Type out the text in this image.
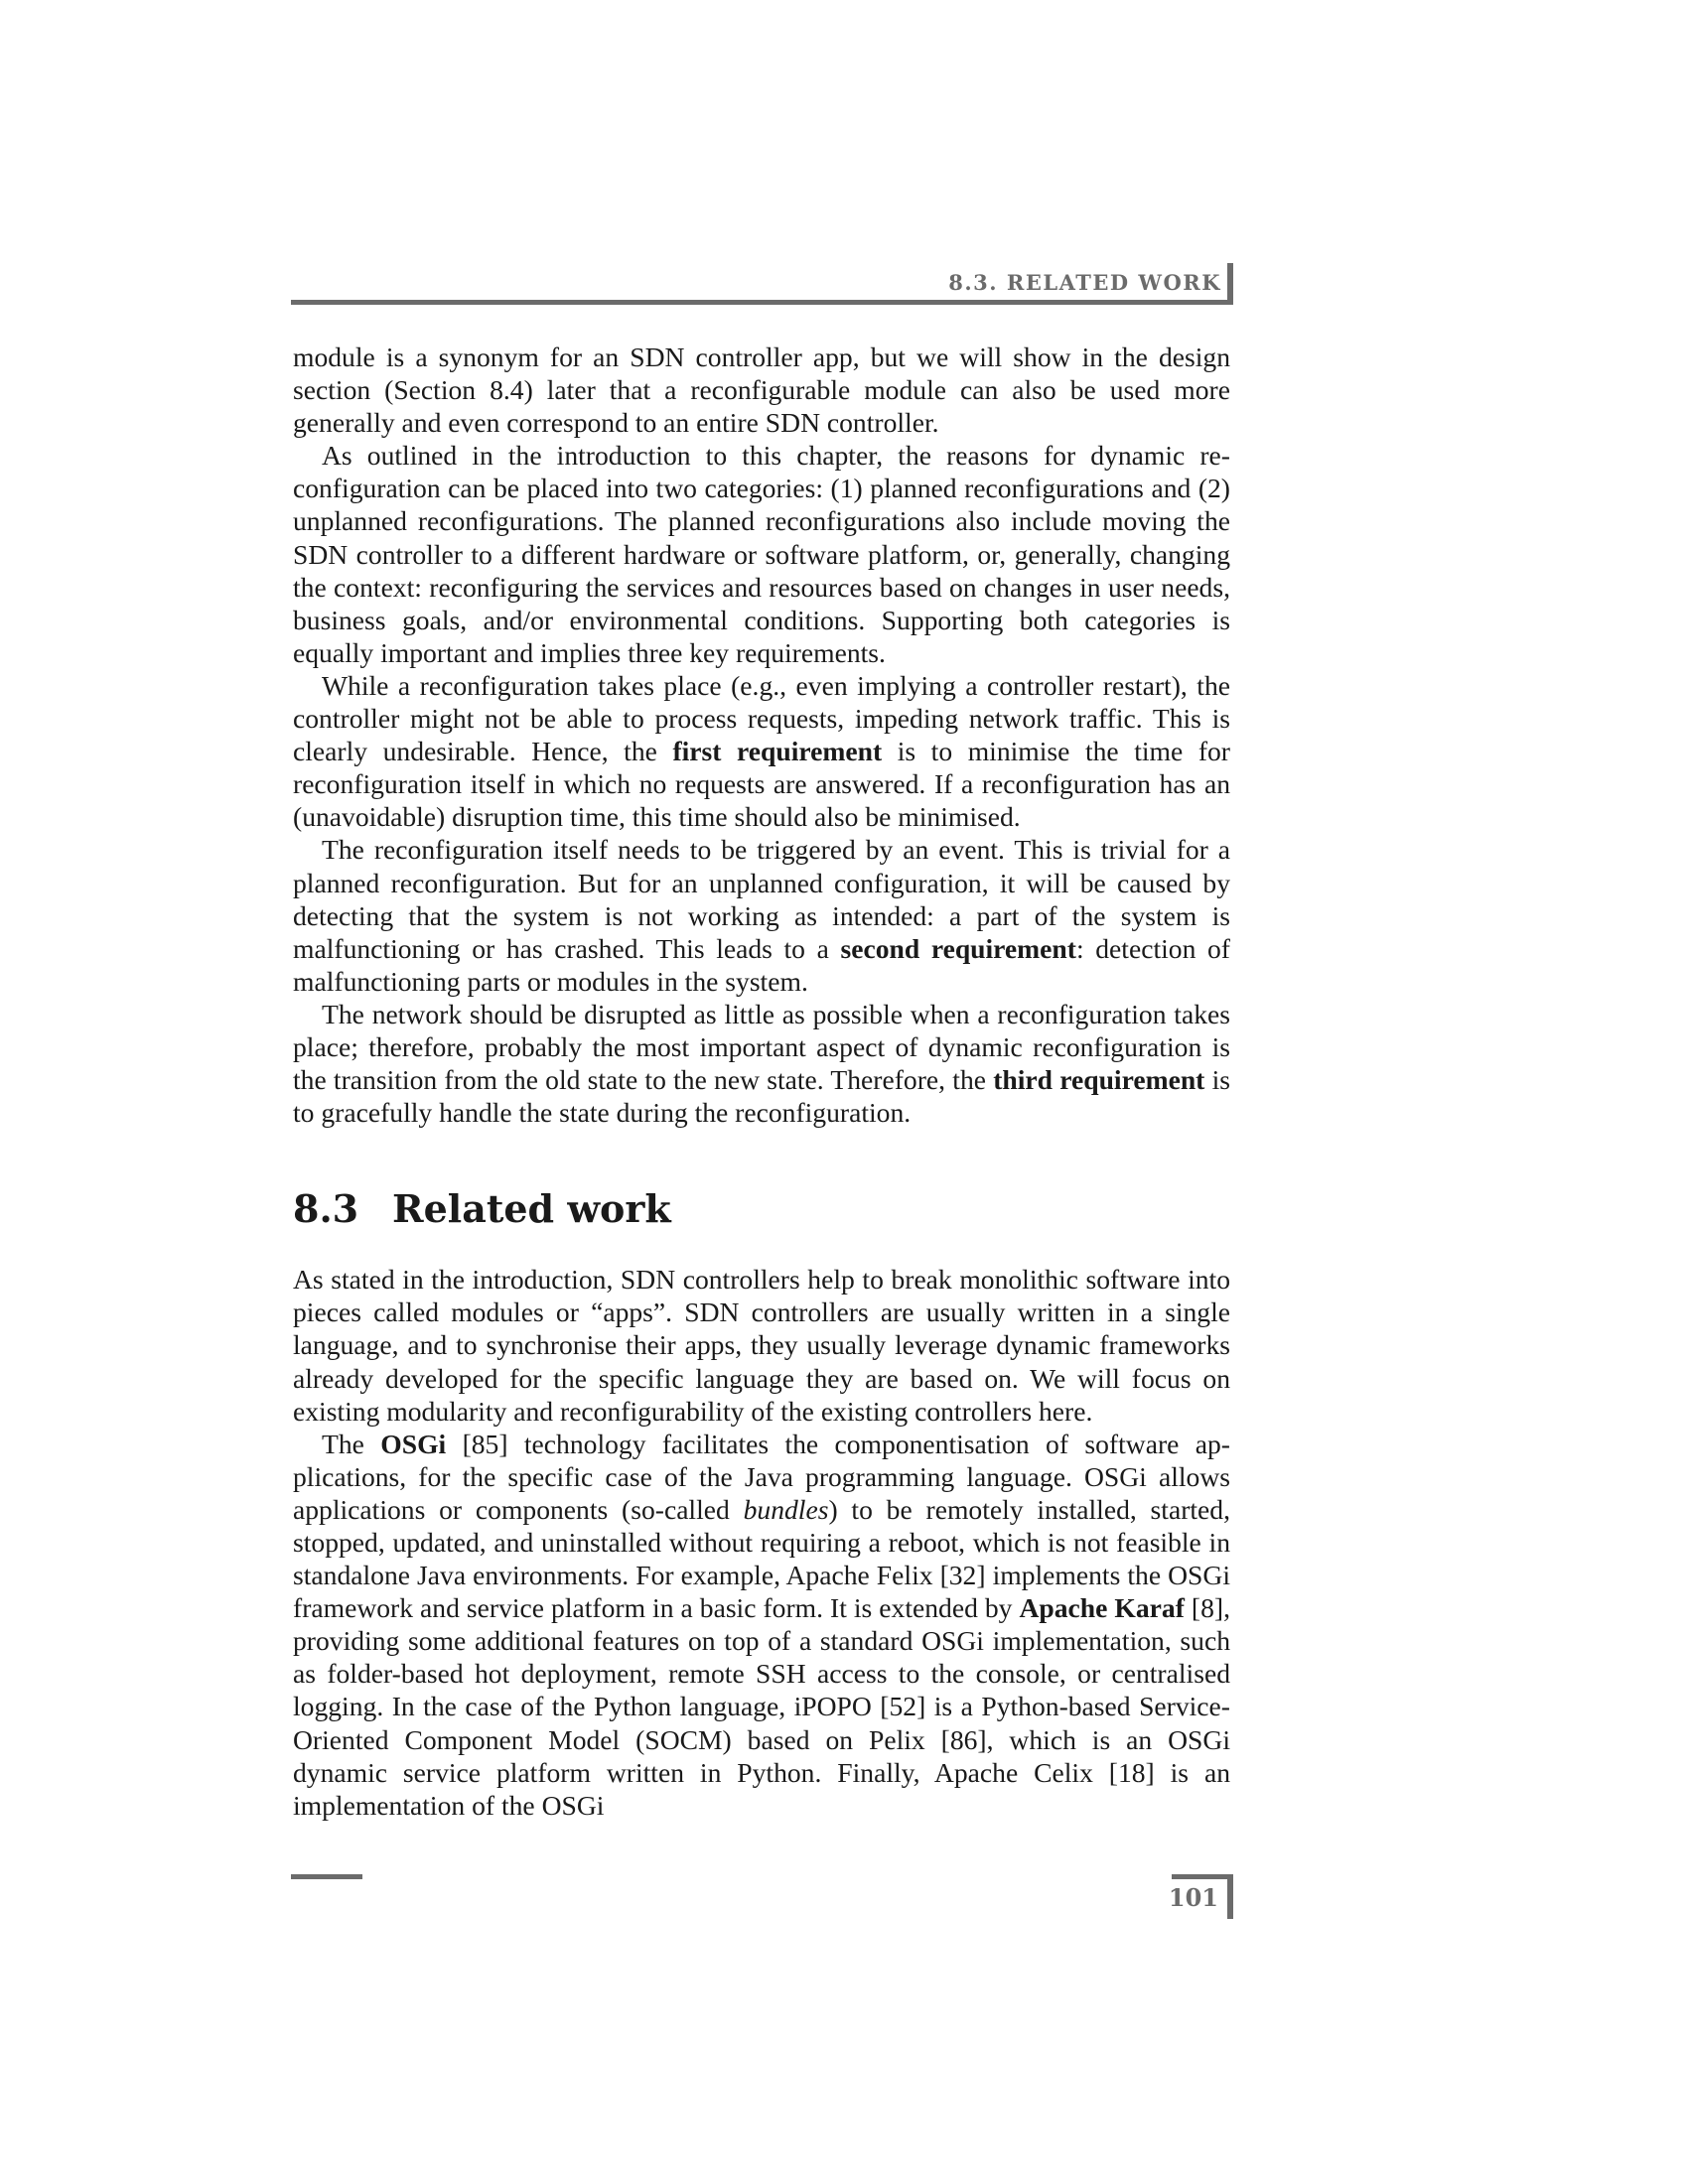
8.3. RELATED WORK

module is a synonym for an SDN controller app, but we will show in the design section (Section 8.4) later that a reconfigurable module can also be used more generally and even correspond to an entire SDN controller.

As outlined in the introduction to this chapter, the reasons for dynamic reconfiguration can be placed into two categories: (1) planned reconfigurations and (2) unplanned reconfigurations. The planned reconfigurations also include moving the SDN controller to a different hardware or software platform, or, generally, changing the context: reconfiguring the services and resources based on changes in user needs, business goals, and/or environmental conditions. Supporting both categories is equally important and implies three key requirements.

While a reconfiguration takes place (e.g., even implying a controller restart), the controller might not be able to process requests, impeding network traffic. This is clearly undesirable. Hence, the first requirement is to minimise the time for reconfiguration itself in which no requests are answered. If a reconfiguration has an (unavoidable) disruption time, this time should also be minimised.

The reconfiguration itself needs to be triggered by an event. This is trivial for a planned reconfiguration. But for an unplanned configuration, it will be caused by detecting that the system is not working as intended: a part of the system is malfunctioning or has crashed. This leads to a second requirement: detection of malfunctioning parts or modules in the system.

The network should be disrupted as little as possible when a reconfiguration takes place; therefore, probably the most important aspect of dynamic reconfiguration is the transition from the old state to the new state. Therefore, the third requirement is to gracefully handle the state during the reconfiguration.

8.3 Related work

As stated in the introduction, SDN controllers help to break monolithic software into pieces called modules or “apps”. SDN controllers are usually written in a single language, and to synchronise their apps, they usually leverage dynamic frameworks already developed for the specific language they are based on. We will focus on existing modularity and reconfigurability of the existing controllers here.

The OSGi [85] technology facilitates the componentisation of software applications, for the specific case of the Java programming language. OSGi allows applications or components (so-called bundles) to be remotely installed, started, stopped, updated, and uninstalled without requiring a reboot, which is not feasible in standalone Java environments. For example, Apache Felix [32] implements the OSGi framework and service platform in a basic form. It is extended by Apache Karaf [8], providing some additional features on top of a standard OSGi implementation, such as folder-based hot deployment, remote SSH access to the console, or centralised logging. In the case of the Python language, iPOPO [52] is a Python-based Service-Oriented Component Model (SOCM) based on Pelix [86], which is an OSGi dynamic service platform written in Python. Finally, Apache Celix [18] is an implementation of the OSGi

101
